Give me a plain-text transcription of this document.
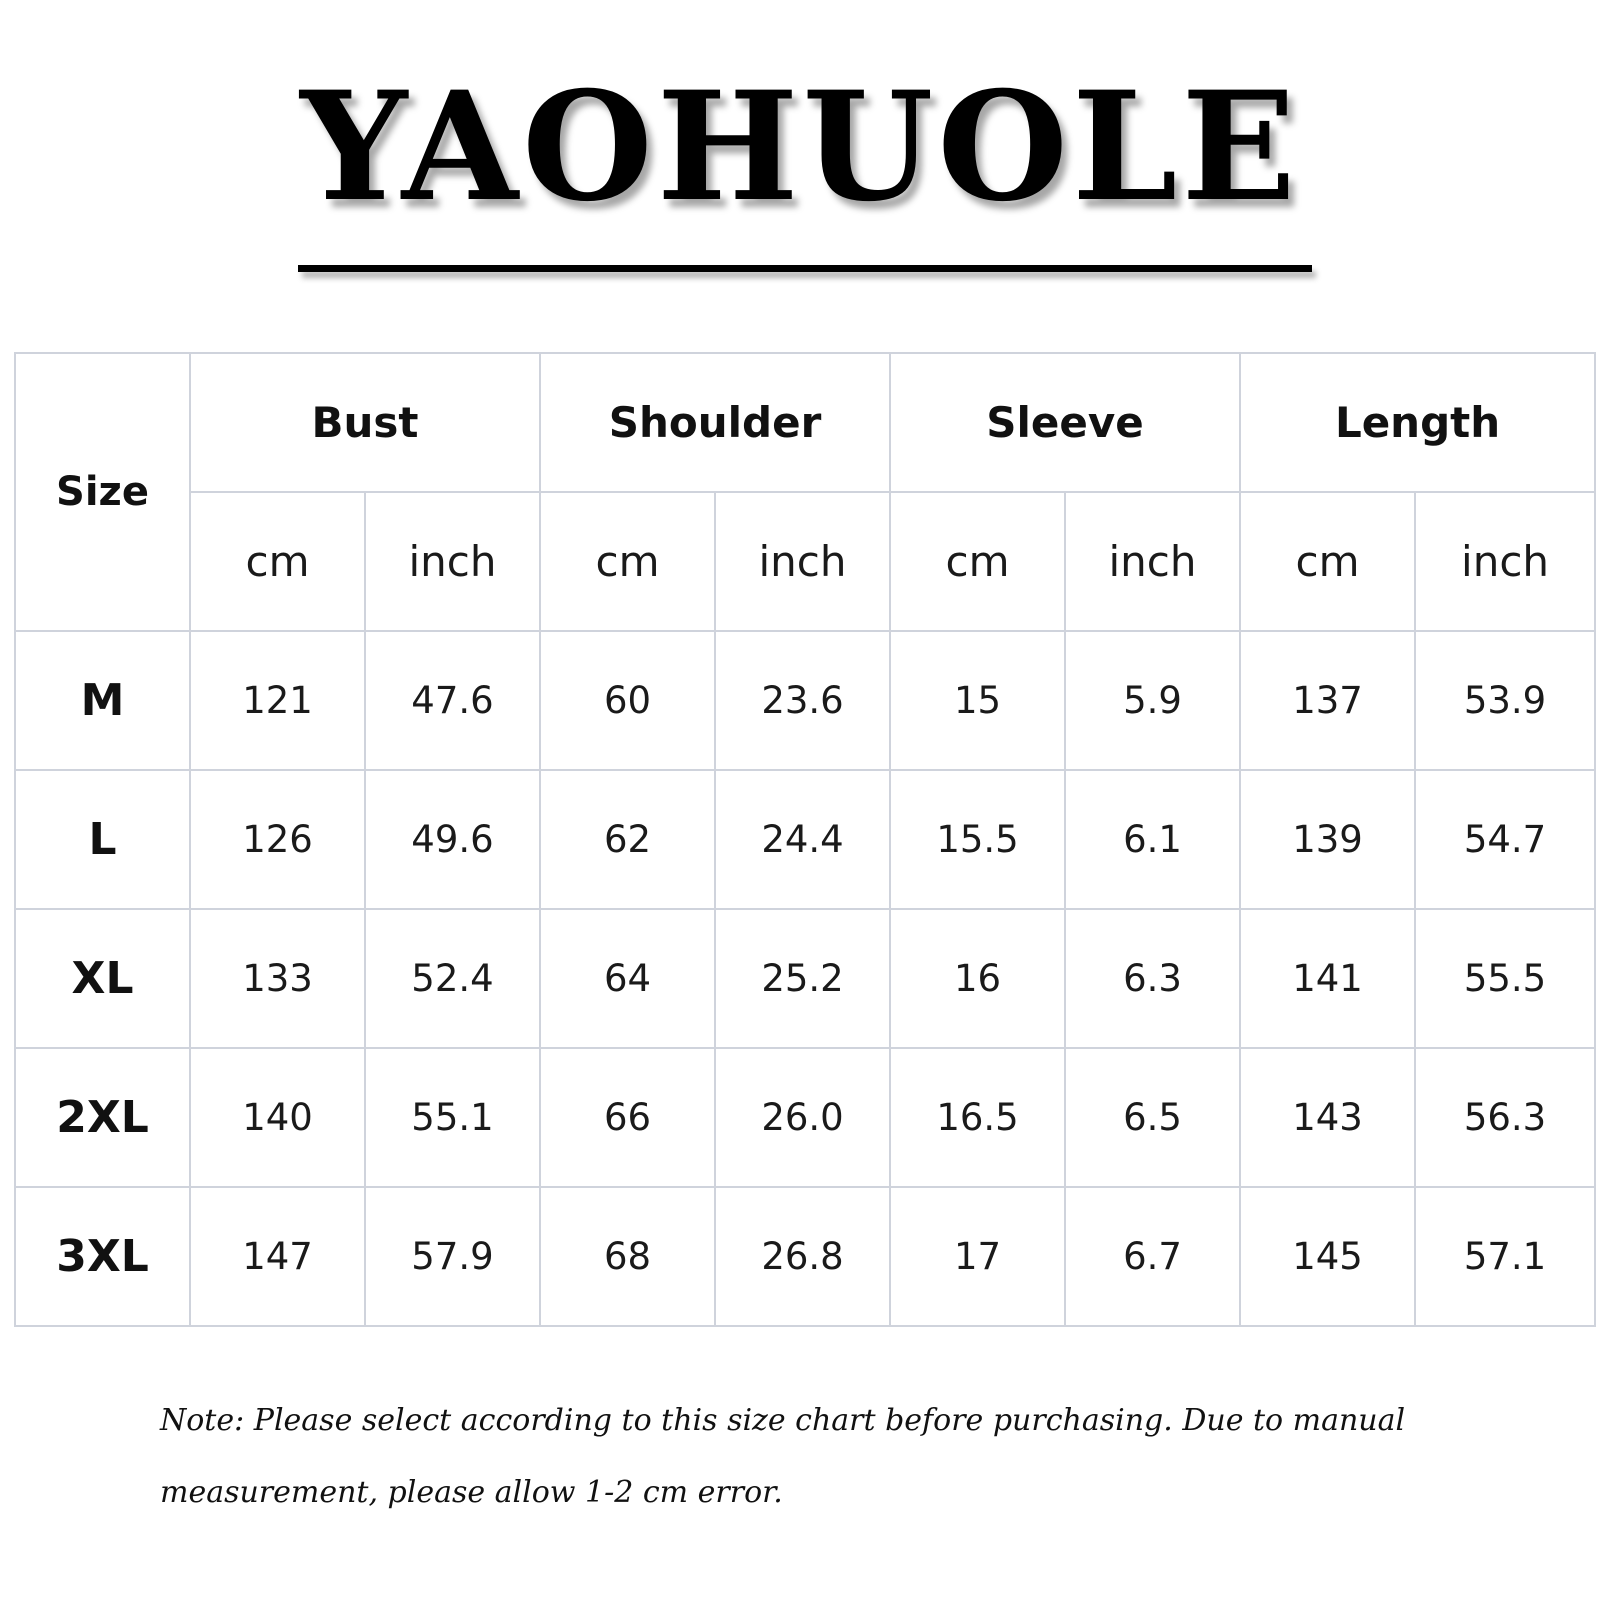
YAOHUOLE
Size	Bust		Shoulder		Sleeve		Length	
	cm	inch	cm	inch	cm	inch	cm	inch
M	121	47.6	60	23.6	15	5.9	137	53.9
L	126	49.6	62	24.4	15.5	6.1	139	54.7
XL	133	52.4	64	25.2	16	6.3	141	55.5
2XL	140	55.1	66	26.0	16.5	6.5	143	56.3
3XL	147	57.9	68	26.8	17	6.7	145	57.1
Note: Please select according to this size chart before purchasing. Due to manual measurement, please allow 1-2 cm error.
